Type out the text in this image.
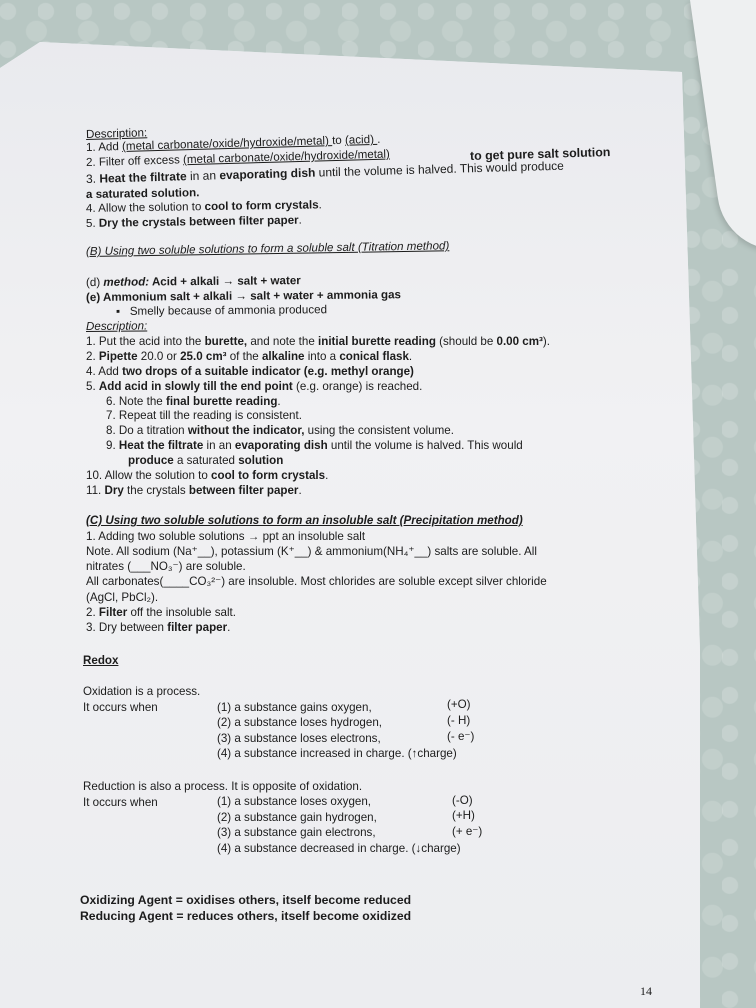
Description:
1. Add (metal carbonate/oxide/hydroxide/metal) to (acid) .
2. Filter off excess (metal carbonate/oxide/hydroxide/metal)	to get pure salt solution
3. Heat the filtrate in an evaporating dish until the volume is halved. This would produce
a saturated solution.
4. Allow the solution to cool to form crystals.
5. Dry the crystals between filter paper.
(B) Using two soluble solutions to form a soluble salt (Titration method)
(d) method: Acid + alkali → salt + water
(e) Ammonium salt + alkali → salt + water + ammonia gas
▪ Smelly because of ammonia produced
Description:
1. Put the acid into the burette, and note the initial burette reading (should be 0.00 cm³).
2. Pipette 20.0 or 25.0 cm³ of the alkaline into a conical flask.
4. Add two drops of a suitable indicator (e.g. methyl orange)
5. Add acid in slowly till the end point (e.g. orange) is reached.
6. Note the final burette reading.
7. Repeat till the reading is consistent.
8. Do a titration without the indicator, using the consistent volume.
9. Heat the filtrate in an evaporating dish until the volume is halved. This would
produce a saturated solution
10. Allow the solution to cool to form crystals.
11. Dry the crystals between filter paper.
(C) Using two soluble solutions to form an insoluble salt (Precipitation method)
1. Adding two soluble solutions → ppt an insoluble salt
Note. All sodium (Na⁺__), potassium (K⁺__) & ammonium(NH₄⁺__) salts are soluble. All
nitrates (___NO₃⁻) are soluble.
All carbonates(____CO₃²⁻) are insoluble. Most chlorides are soluble except silver chloride
(AgCl, PbCl₂).
2. Filter off the insoluble salt.
3. Dry between filter paper.
Redox
Oxidation is a process.
It occurs when	(1) a substance gains oxygen,	(+O)
(2) a substance loses hydrogen,	(- H)
(3) a substance loses electrons,	(- e⁻)
(4) a substance increased in charge. (↑charge)
Reduction is also a process. It is opposite of oxidation.
It occurs when	(1) a substance loses oxygen,	(-O)
(2) a substance gain hydrogen,	(+H)
(3) a substance gain electrons,	(+ e⁻)
(4) a substance decreased in charge. (↓charge)
Oxidizing Agent = oxidises others, itself become reduced
Reducing Agent = reduces others, itself become oxidized
14
